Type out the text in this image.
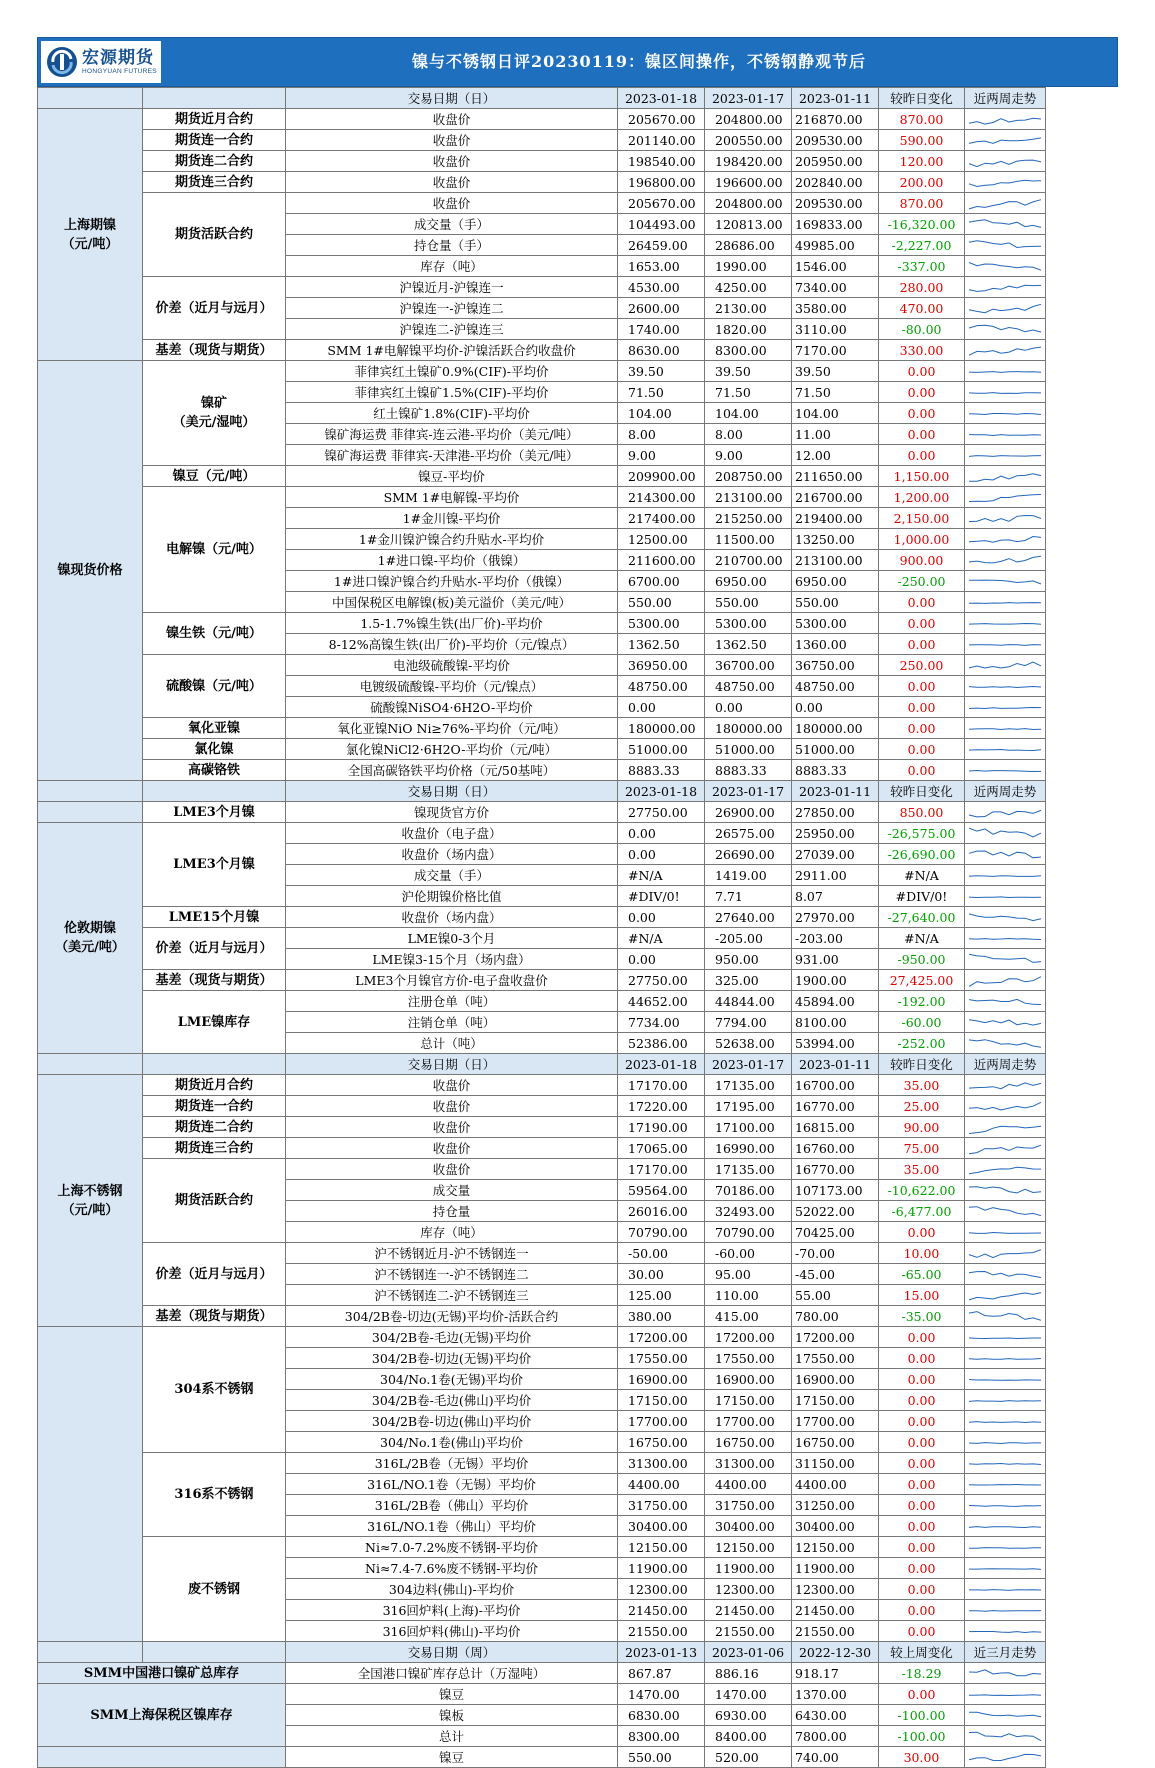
宏源期货
HONGYUAN FUTURES	镍与不锈钢日评20230119：镍区间操作，不锈钢静观节后
		交易日期（日）	2023-01-18	2023-01-17	2023-01-11	较昨日变化	近两周走势
上海期镍
（元/吨）	期货近月合约	收盘价	205670.00	204800.00	216870.00	870.00	

	期货连一合约	收盘价	201140.00	200550.00	209530.00	590.00	

	期货连二合约	收盘价	198540.00	198420.00	205950.00	120.00	

	期货连三合约	收盘价	196800.00	196600.00	202840.00	200.00	

	期货活跃合约	收盘价	205670.00	204800.00	209530.00	870.00	

		成交量（手）	104493.00	120813.00	169833.00	-16,320.00	

		持仓量（手）	26459.00	28686.00	49985.00	-2,227.00	

		库存（吨）	1653.00	1990.00	1546.00	-337.00	

	价差（近月与远月）	沪镍近月-沪镍连一	4530.00	4250.00	7340.00	280.00	

		沪镍连一-沪镍连二	2600.00	2130.00	3580.00	470.00	

		沪镍连二-沪镍连三	1740.00	1820.00	3110.00	-80.00	

	基差（现货与期货）	SMM 1#电解镍平均价-沪镍活跃合约收盘价	8630.00	8300.00	7170.00	330.00	

镍现货价格	镍矿
（美元/湿吨）	菲律宾红土镍矿0.9%(CIF)-平均价	39.50	39.50	39.50	0.00	

		菲律宾红土镍矿1.5%(CIF)-平均价	71.50	71.50	71.50	0.00	

		红土镍矿1.8%(CIF)-平均价	104.00	104.00	104.00	0.00	

		镍矿海运费 菲律宾-连云港-平均价（美元/吨）	8.00	8.00	11.00	0.00	

		镍矿海运费 菲律宾-天津港-平均价（美元/吨）	9.00	9.00	12.00	0.00	

	镍豆（元/吨）	镍豆-平均价	209900.00	208750.00	211650.00	1,150.00	

	电解镍（元/吨）	SMM 1#电解镍-平均价	214300.00	213100.00	216700.00	1,200.00	

		1#金川镍-平均价	217400.00	215250.00	219400.00	2,150.00	

		1#金川镍沪镍合约升贴水-平均价	12500.00	11500.00	13250.00	1,000.00	

		1#进口镍-平均价（俄镍）	211600.00	210700.00	213100.00	900.00	

		1#进口镍沪镍合约升贴水-平均价（俄镍）	6700.00	6950.00	6950.00	-250.00	

		中国保税区电解镍(板)美元溢价（美元/吨）	550.00	550.00	550.00	0.00	

	镍生铁（元/吨）	1.5-1.7%镍生铁(出厂价)-平均价	5300.00	5300.00	5300.00	0.00	

		8-12%高镍生铁(出厂价)-平均价（元/镍点）	1362.50	1362.50	1360.00	0.00	

	硫酸镍（元/吨）	电池级硫酸镍-平均价	36950.00	36700.00	36750.00	250.00	

		电镀级硫酸镍-平均价（元/镍点）	48750.00	48750.00	48750.00	0.00	

		硫酸镍NiSO4·6H2O-平均价	0.00	0.00	0.00	0.00	

	氧化亚镍	氧化亚镍NiO Ni≥76%-平均价（元/吨）	180000.00	180000.00	180000.00	0.00	

	氯化镍	氯化镍NiCl2·6H2O-平均价（元/吨）	51000.00	51000.00	51000.00	0.00	

	高碳铬铁	全国高碳铬铁平均价格（元/50基吨）	8883.33	8883.33	8883.33	0.00	

		交易日期（日）	2023-01-18	2023-01-17	2023-01-11	较昨日变化	近两周走势
	LME3个月镍	镍现货官方价	27750.00	26900.00	27850.00	850.00	

伦敦期镍
（美元/吨）	LME3个月镍	收盘价（电子盘）	0.00	26575.00	25950.00	-26,575.00	

		收盘价（场内盘）	0.00	26690.00	27039.00	-26,690.00	

		成交量（手）	#N/A	1419.00	2911.00	#N/A	

		沪伦期镍价格比值	#DIV/0!	7.71	8.07	#DIV/0!	

	LME15个月镍	收盘价（场内盘）	0.00	27640.00	27970.00	-27,640.00	

	价差（近月与远月）	LME镍0-3个月	#N/A	-205.00	-203.00	#N/A	

		LME镍3-15个月（场内盘）	0.00	950.00	931.00	-950.00	

	基差（现货与期货）	LME3个月镍官方价-电子盘收盘价	27750.00	325.00	1900.00	27,425.00	

	LME镍库存	注册仓单（吨）	44652.00	44844.00	45894.00	-192.00	

		注销仓单（吨）	7734.00	7794.00	8100.00	-60.00	

		总计（吨）	52386.00	52638.00	53994.00	-252.00	

		交易日期（日）	2023-01-18	2023-01-17	2023-01-11	较昨日变化	近两周走势
上海不锈钢
（元/吨）	期货近月合约	收盘价	17170.00	17135.00	16700.00	35.00	

	期货连一合约	收盘价	17220.00	17195.00	16770.00	25.00	

	期货连二合约	收盘价	17190.00	17100.00	16815.00	90.00	

	期货连三合约	收盘价	17065.00	16990.00	16760.00	75.00	

	期货活跃合约	收盘价	17170.00	17135.00	16770.00	35.00	

		成交量	59564.00	70186.00	107173.00	-10,622.00	

		持仓量	26016.00	32493.00	52022.00	-6,477.00	

		库存（吨）	70790.00	70790.00	70425.00	0.00	

	价差（近月与远月）	沪不锈钢近月-沪不锈钢连一	-50.00	-60.00	-70.00	10.00	

		沪不锈钢连一-沪不锈钢连二	30.00	95.00	-45.00	-65.00	

		沪不锈钢连二-沪不锈钢连三	125.00	110.00	55.00	15.00	

	基差（现货与期货）	304/2B卷-切边(无锡)平均价-活跃合约	380.00	415.00	780.00	-35.00	

	304系不锈钢	304/2B卷-毛边(无锡)平均价	17200.00	17200.00	17200.00	0.00	

		304/2B卷-切边(无锡)平均价	17550.00	17550.00	17550.00	0.00	

		304/No.1卷(无锡)平均价	16900.00	16900.00	16900.00	0.00	

		304/2B卷-毛边(佛山)平均价	17150.00	17150.00	17150.00	0.00	

		304/2B卷-切边(佛山)平均价	17700.00	17700.00	17700.00	0.00	

		304/No.1卷(佛山)平均价	16750.00	16750.00	16750.00	0.00	

	316系不锈钢	316L/2B卷（无锡）平均价	31300.00	31300.00	31150.00	0.00	

		316L/NO.1卷（无锡）平均价	4400.00	4400.00	4400.00	0.00	

		316L/2B卷（佛山）平均价	31750.00	31750.00	31250.00	0.00	

		316L/NO.1卷（佛山）平均价	30400.00	30400.00	30400.00	0.00	

	废不锈钢	Ni≈7.0-7.2%废不锈钢-平均价	12150.00	12150.00	12150.00	0.00	

		Ni≈7.4-7.6%废不锈钢-平均价	11900.00	11900.00	11900.00	0.00	

		304边料(佛山)-平均价	12300.00	12300.00	12300.00	0.00	

		316回炉料(上海)-平均价	21450.00	21450.00	21450.00	0.00	

		316回炉料(佛山)-平均价	21550.00	21550.00	21550.00	0.00	

		交易日期（周）	2023-01-13	2023-01-06	2022-12-30	较上周变化	近三月走势
SMM中国港口镍矿总库存		全国港口镍矿库存总计（万湿吨）	867.87	886.16	918.17	-18.29	

SMM上海保税区镍库存		镍豆	1470.00	1470.00	1370.00	0.00	

		镍板	6830.00	6930.00	6430.00	-100.00	

		总计	8300.00	8400.00	7800.00	-100.00	

		镍豆	550.00	520.00	740.00	30.00	
